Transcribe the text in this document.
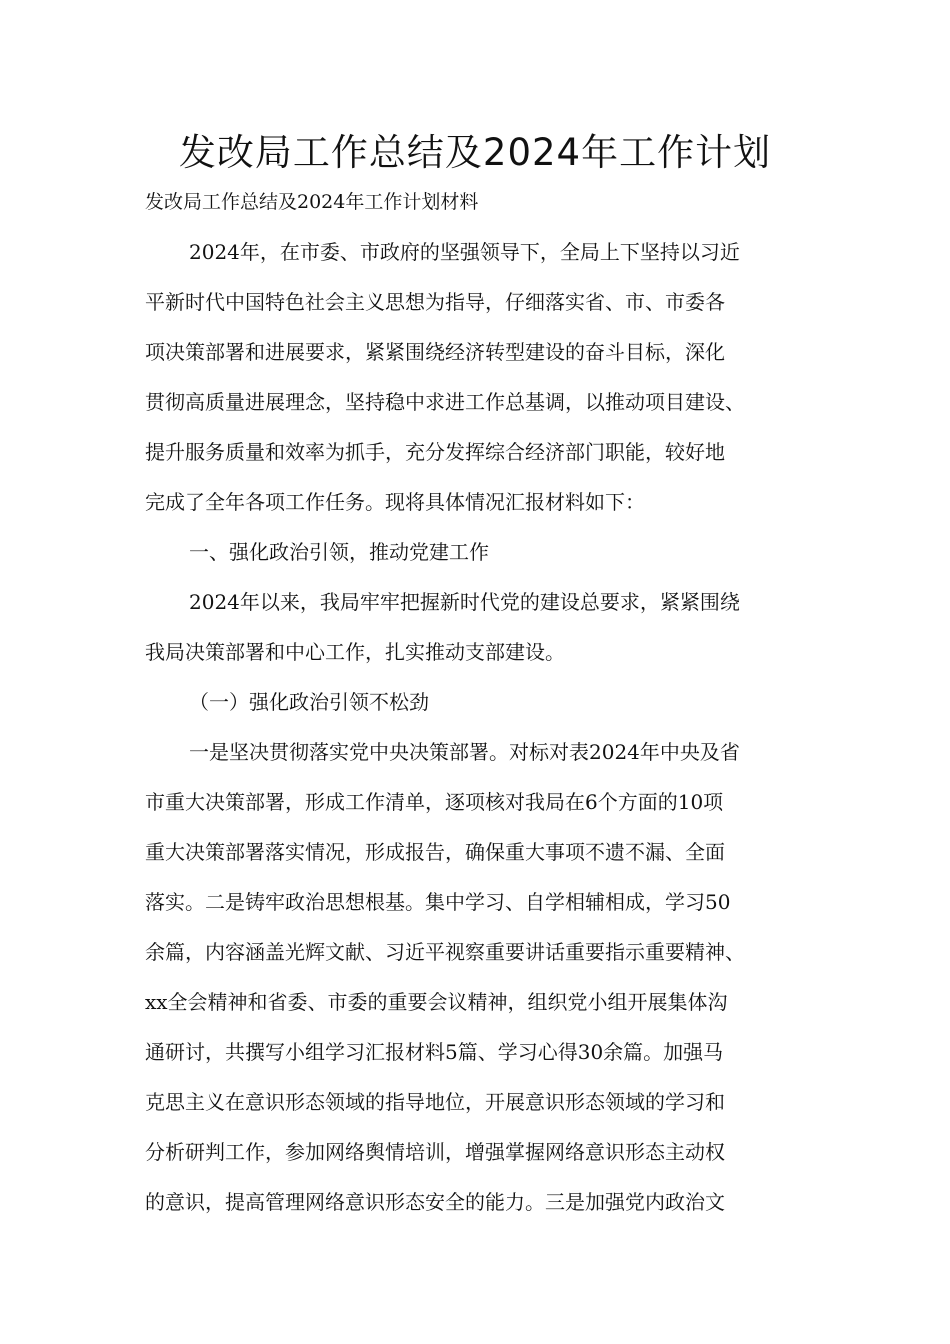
发改局工作总结及2024年工作计划
发改局工作总结及2024年工作计划材料
2024年，在市委、市政府的坚强领导下，全局上下坚持以习近
平新时代中国特色社会主义思想为指导，仔细落实省、市、市委各
项决策部署和进展要求，紧紧围绕经济转型建设的奋斗目标，深化
贯彻高质量进展理念，坚持稳中求进工作总基调，以推动项目建设、
提升服务质量和效率为抓手，充分发挥综合经济部门职能，较好地
完成了全年各项工作任务。现将具体情况汇报材料如下：
一、强化政治引领，推动党建工作
2024年以来，我局牢牢把握新时代党的建设总要求，紧紧围绕
我局决策部署和中心工作，扎实推动支部建设。
（一）强化政治引领不松劲
一是坚决贯彻落实党中央决策部署。对标对表2024年中央及省
市重大决策部署，形成工作清单，逐项核对我局在6个方面的10项
重大决策部署落实情况，形成报告，确保重大事项不遗不漏、全面
落实。二是铸牢政治思想根基。集中学习、自学相辅相成，学习50
余篇，内容涵盖光辉文献、习近平视察重要讲话重要指示重要精神、
xx全会精神和省委、市委的重要会议精神，组织党小组开展集体沟
通研讨，共撰写小组学习汇报材料5篇、学习心得30余篇。加强马
克思主义在意识形态领域的指导地位，开展意识形态领域的学习和
分析研判工作，参加网络舆情培训，增强掌握网络意识形态主动权
的意识，提高管理网络意识形态安全的能力。三是加强党内政治文
